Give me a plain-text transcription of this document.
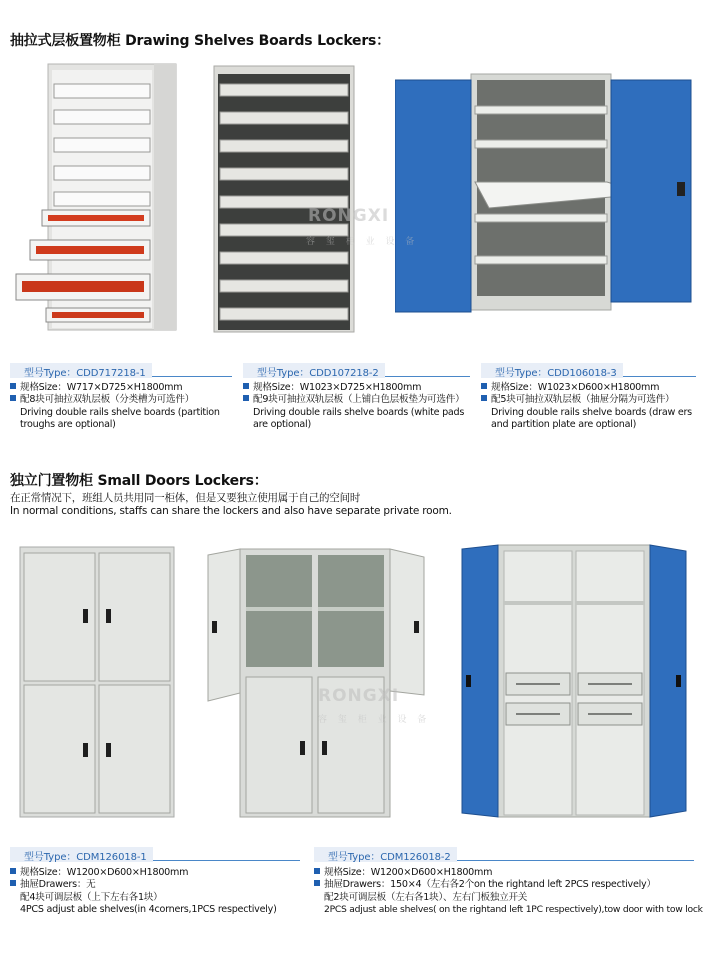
抽拉式层板置物柜 Drawing Shelves Boards Lockers：
RONGXI
容 玺 柜 业 设 备
型号Type：CDD717218-1
规格Size：W717×D725×H1800mm
配8块可抽拉双轨层板（分类槽为可选件）
Driving double rails shelve boards (partition troughs are optional)
型号Type：CDD107218-2
规格Size：W1023×D725×H1800mm
配9块可抽拉双轨层板（上铺白色层板垫为可选件）
Driving double rails shelve boards (white pads are optional)
型号Type：CDD106018-3
规格Size：W1023×D600×H1800mm
配5块可抽拉双轨层板（抽屉分隔为可选件）
Driving double rails shelve boards (draw ers and partition plate are optional)
独立门置物柜 Small Doors Lockers：
在正常情况下，班组人员共用同一柜体，但是又要独立使用属于自己的空间时
In normal conditions, staffs can share the lockers and also have separate private room.
RONGXI
容 玺 柜 业 设 备
型号Type：CDM126018-1
规格Size：W1200×D600×H1800mm
抽屉Drawers：无
配4块可调层板（上下左右各1块）
4PCS adjust able shelves(in 4corners,1PCS respectively)
型号Type：CDM126018-2
规格Size：W1200×D600×H1800mm
抽屉Drawers：150×4（左右各2个on the rightand left 2PCS respectively）
配2块可调层板（左右各1块）、左右门板独立开关
2PCS adjust able shelves( on the rightand left 1PC respectively),tow door with tow lock
